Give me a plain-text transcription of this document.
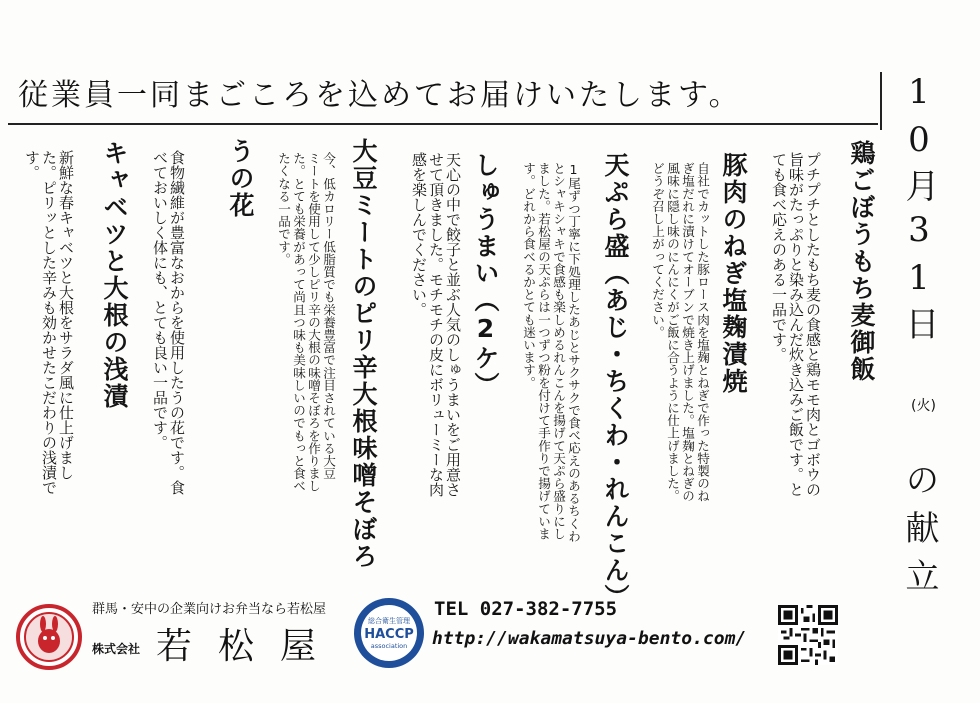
従業員一同まごころを込めてお届けいたします。	10月31日
(火)
の献立
鶏ごぼうもち麦御飯
プチプチとしたもち麦の食感と鶏モモ肉とゴボウの
旨味がたっぷりと染み込んだ炊き込みご飯です。と
ても食べ応えのある一品です。
豚肉のねぎ塩麹漬焼
自社でカットした豚ロース肉を塩麹とねぎで作った特製のね
ぎ塩だれに漬けてオーブンで焼き上げました。塩麹とねぎの
風味に隠し味のにんにくがご飯に合うように仕上げました。
どうぞ召し上がってください。
天ぷら盛（あじ・ちくわ・れんこん）
1尾ずつ丁寧に下処理したあじとサクサクで食べ応えのあるちくわ
とシャキシャキで食感も楽しめるれんこんを揚げて天ぷら盛りにし
ました。若松屋の天ぷらは一つずつ粉を付けて手作りで揚げていま
す。どれから食べるかとても迷います。
しゅうまい（2ケ）
天心の中で餃子と並ぶ人気のしゅうまいをご用意さ
せて頂きました。モチモチの皮にボリューミーな肉
感を楽しんでください。
大豆ミートのピリ辛大根味噌そぼろ
今、低カロリー低脂質でも栄養豊富で注目されている大豆
ミートを使用して少しピリ辛の大根の味噌そぼろを作りまし
た。とても栄養があって尚且つ味も美味しいのでもっと食べ
たくなる一品です。
うの花
食物繊維が豊富なおからを使用したうの花です。食
べておいしく体にも、とても良い一品です。
キャベツと大根の浅漬
新鮮な春キャベツと大根をサラダ風に仕上げまし
た。ピリッとした辛みも効かせたこだわりの浅漬で
す。
群馬・安中の企業向けお弁当なら若松屋
株式会社 若松屋
総合衛生管理
HACCP
association
TEL 027-382-7755
http://wakamatsuya-bento.com/
